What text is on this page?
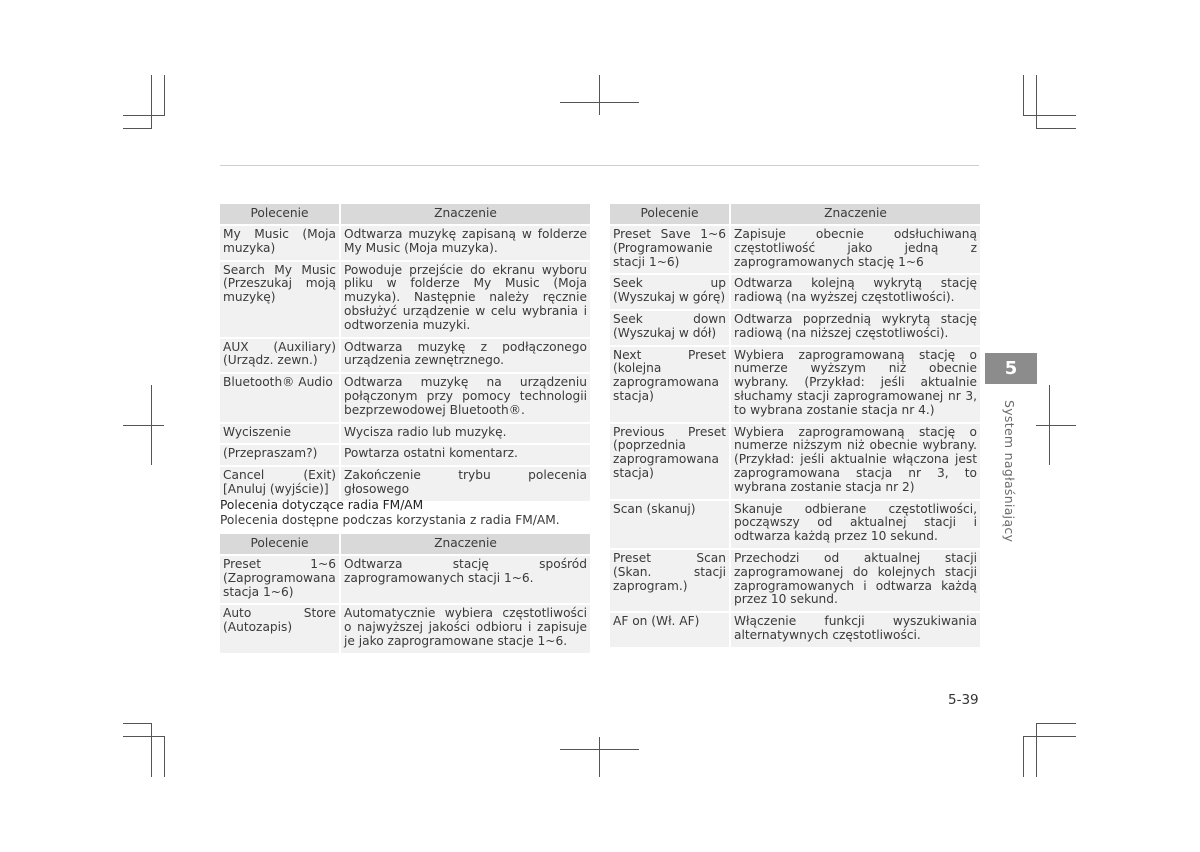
Polecenie	Znaczenie
My Music (Moja muzyka)	Odtwarza muzykę zapisaną w folderze My Music (Moja muzyka).
Search My Music (Przeszukaj moją muzykę)	Powoduje przejście do ekranu wyboru pliku w folderze My Music (Moja muzyka). Następnie należy ręcznie obsłużyć urządzenie w celu wybrania i odtworzenia muzyki.
AUX (Auxiliary) (Urządz. zewn.)	Odtwarza muzykę z podłączonego urządzenia zewnętrznego.
Bluetooth® Audio	Odtwarza muzykę na urządzeniu połączonym przy pomocy technologii bezprzewodowej Bluetooth®.
Wyciszenie	Wycisza radio lub muzykę.
(Przepraszam?)	Powtarza ostatni komentarz.
Cancel (Exit) [Anuluj (wyjście)]	Zakończenie trybu polecenia głosowego
Polecenia dotyczące radia FM/AM
Polecenia dostępne podczas korzystania z radia FM/AM.
Polecenie	Znaczenie
Preset 1~6 (Zaprogramowana stacja 1~6)	Odtwarza stację spośród zaprogramowanych stacji 1~6.
Auto Store (Autozapis)	Automatycznie wybiera częstotliwości o najwyższej jakości odbioru i zapisuje je jako zaprogramowane stacje 1~6.
Polecenie	Znaczenie
Preset Save 1~6 (Programowanie stacji 1~6)	Zapisuje obecnie odsłuchiwaną częstotliwość jako jedną z zaprogramowanych stację 1~6
Seek up (Wyszukaj w górę)	Odtwarza kolejną wykrytą stację radiową (na wyższej częstotliwości).
Seek down (Wyszukaj w dół)	Odtwarza poprzednią wykrytą stację radiową (na niższej częstotliwości).
Next Preset (kolejna zaprogramowana stacja)	Wybiera zaprogramowaną stację o numerze wyższym niż obecnie wybrany. (Przykład: jeśli aktualnie słuchamy stacji zaprogramowanej nr 3, to wybrana zostanie stacja nr 4.)
Previous Preset (poprzednia zaprogramowana stacja)	Wybiera zaprogramowaną stację o numerze niższym niż obecnie wybrany. (Przykład: jeśli aktualnie włączona jest zaprogramowana stacja nr 3, to wybrana zostanie stacja nr 2)
Scan (skanuj)	Skanuje odbierane częstotliwości, począwszy od aktualnej stacji i odtwarza każdą przez 10 sekund.
Preset Scan (Skan. stacji zaprogram.)	Przechodzi od aktualnej stacji zaprogramowanej do kolejnych stacji zaprogramowanych i odtwarza każdą przez 10 sekund.
AF on (Wł. AF)	Włączenie funkcji wyszukiwania alternatywnych częstotliwości.
5
System nagłaśniający
5-39
